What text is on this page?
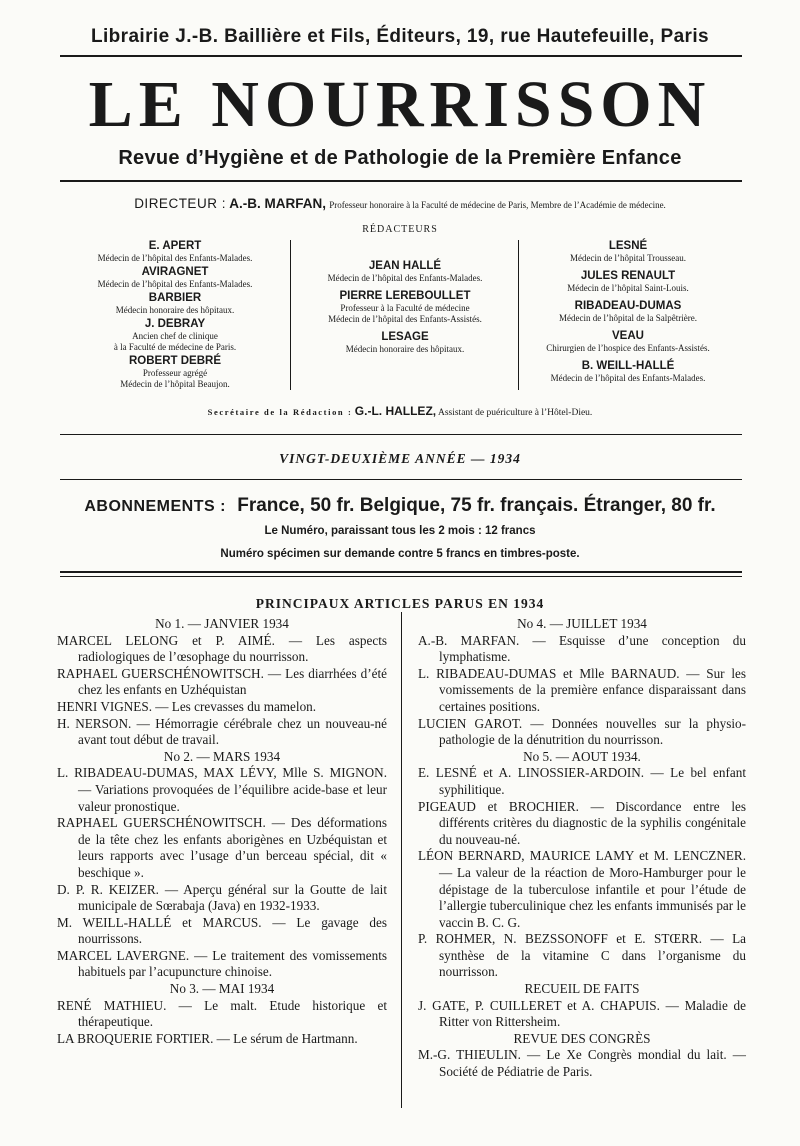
Librairie J.-B. Baillière et Fils, Éditeurs, 19, rue Hautefeuille, Paris
LE NOURRISSON
Revue d’Hygiène et de Pathologie de la Première Enfance
DIRECTEUR : A.-B. MARFAN, Professeur honoraire à la Faculté de médecine de Paris, Membre de l’Académie de médecine.
RÉDACTEURS
E. APERT
Médecin de l’hôpital des Enfants-Malades.
AVIRAGNET
Médecin de l’hôpital des Enfants-Malades.
BARBIER
Médecin honoraire des hôpitaux.
J. DEBRAY
Ancien chef de clinique
à la Faculté de médecine de Paris.
ROBERT DEBRÉ
Professeur agrégé
Médecin de l’hôpital Beaujon.
JEAN HALLÉ
Médecin de l’hôpital des Enfants-Malades.
PIERRE LEREBOULLET
Professeur à la Faculté de médecine
Médecin de l’hôpital des Enfants-Assistés.
LESAGE
Médecin honoraire des hôpitaux.
LESNÉ
Médecin de l’hôpital Trousseau.
JULES RENAULT
Médecin de l’hôpital Saint-Louis.
RIBADEAU-DUMAS
Médecin de l’hôpital de la Salpêtrière.
VEAU
Chirurgien de l’hospice des Enfants-Assistés.
B. WEILL-HALLÉ
Médecin de l’hôpital des Enfants-Malades.
Secrétaire de la Rédaction : G.-L. HALLEZ, Assistant de puériculture à l’Hôtel-Dieu.
VINGT-DEUXIÈME ANNÉE — 1934
ABONNEMENTS : France, 50 fr. Belgique, 75 fr. français. Étranger, 80 fr.
Le Numéro, paraissant tous les 2 mois : 12 francs
Numéro spécimen sur demande contre 5 francs en timbres-poste.
PRINCIPAUX ARTICLES PARUS EN 1934
No 1. — JANVIER 1934
MARCEL LELONG et P. AIMÉ. — Les aspects radiologiques de l’œsophage du nourrisson.
RAPHAEL GUERSCHÉNOWITSCH. — Les diarrhées d’été chez les enfants en Uzhéquistan
HENRI VIGNES. — Les crevasses du mamelon.
H. NERSON. — Hémorragie cérébrale chez un nouveau-né avant tout début de travail.
No 2. — MARS 1934
L. RIBADEAU-DUMAS, MAX LÉVY, Mlle S. MIGNON. — Variations provoquées de l’équilibre acide-base et leur valeur pronostique.
RAPHAEL GUERSCHÉNOWITSCH. — Des déformations de la tête chez les enfants aborigènes en Uzbéquistan et leurs rapports avec l’usage d’un berceau spécial, dit « beschique ».
D. P. R. KEIZER. — Aperçu général sur la Goutte de lait municipale de Sœrabaja (Java) en 1932-1933.
M. WEILL-HALLÉ et MARCUS. — Le gavage des nourrissons.
MARCEL LAVERGNE. — Le traitement des vomissements habituels par l’acupuncture chinoise.
No 3. — MAI 1934
RENÉ MATHIEU. — Le malt. Etude historique et thérapeutique.
LA BROQUERIE FORTIER. — Le sérum de Hartmann.
No 4. — JUILLET 1934
A.-B. MARFAN. — Esquisse d’une conception du lymphatisme.
L. RIBADEAU-DUMAS et Mlle BARNAUD. — Sur les vomissements de la première enfance disparaissant dans certaines positions.
LUCIEN GAROT. — Données nouvelles sur la physio-pathologie de la dénutrition du nourrisson.
No 5. — AOUT 1934.
E. LESNÉ et A. LINOSSIER-ARDOIN. — Le bel enfant syphilitique.
PIGEAUD et BROCHIER. — Discordance entre les différents critères du diagnostic de la syphilis congénitale du nouveau-né.
LÉON BERNARD, MAURICE LAMY et M. LENCZNER. — La valeur de la réaction de Moro-Hamburger pour le dépistage de la tuberculose infantile et pour l’étude de l’allergie tuberculinique chez les enfants immunisés par le vaccin B. C. G.
P. ROHMER, N. BEZSSONOFF et E. STŒRR. — La synthèse de la vitamine C dans l’organisme du nourrisson.
RECUEIL DE FAITS
J. GATE, P. CUILLERET et A. CHAPUIS. — Maladie de Ritter von Rittersheim.
REVUE DES CONGRÈS
M.-G. THIEULIN. — Le Xe Congrès mondial du lait. — Société de Pédiatrie de Paris.
